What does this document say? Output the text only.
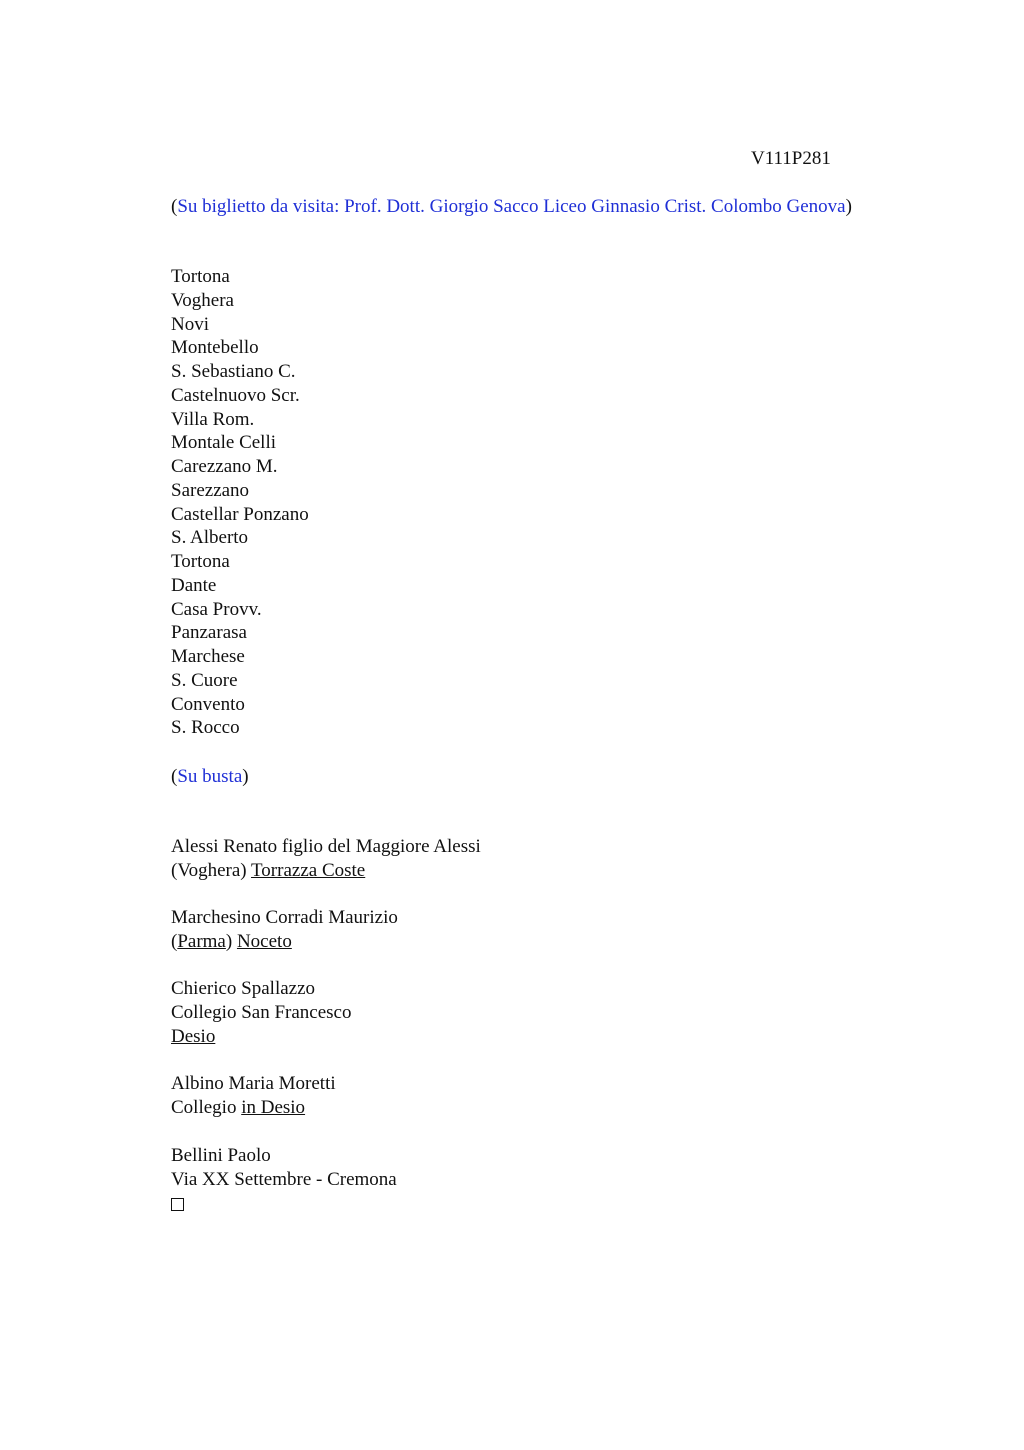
V111P281
(Su biglietto da visita: Prof. Dott. Giorgio Sacco Liceo Ginnasio Crist. Colombo Genova)
Tortona
Voghera
Novi
Montebello
S. Sebastiano C.
Castelnuovo Scr.
Villa Rom.
Montale Celli
Carezzano M.
Sarezzano
Castellar Ponzano
S. Alberto
Tortona
Dante
Casa Provv.
Panzarasa
Marchese
S. Cuore
Convento
S. Rocco
(Su busta)
Alessi Renato figlio del Maggiore Alessi
(Voghera) Torrazza Coste
Marchesino Corradi Maurizio
(Parma) Noceto
Chierico Spallazzo
Collegio San Francesco
Desio
Albino Maria Moretti
Collegio in Desio
Bellini Paolo
Via XX Settembre - Cremona
